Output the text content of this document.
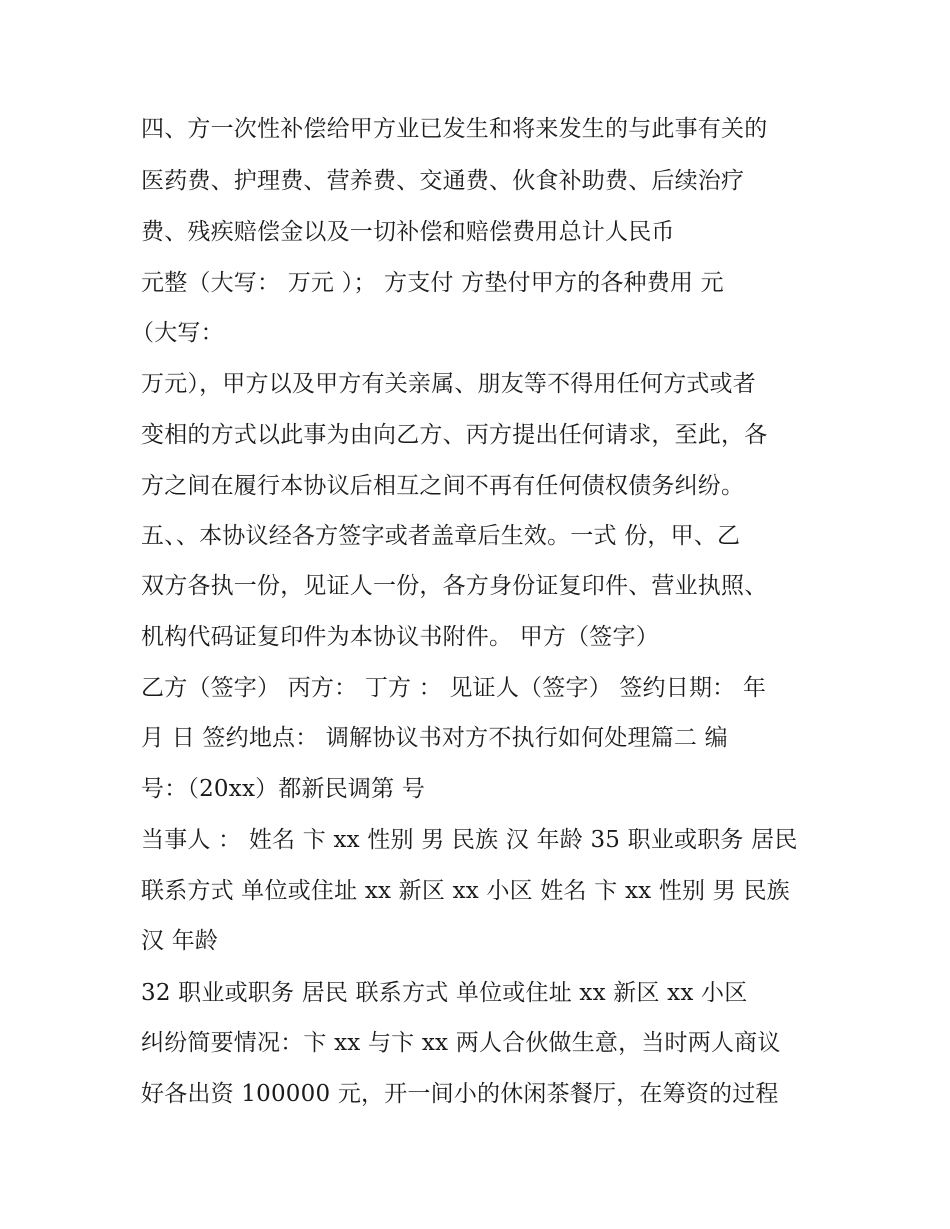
四、方一次性补偿给甲方业已发生和将来发生的与此事有关的
医药费、护理费、营养费、交通费、伙食补助费、后续治疗
费、残疾赔偿金以及一切补偿和赔偿费用总计人民币
元整（大写： 万元 ）； 方支付 方垫付甲方的各种费用 元
（大写：
万元），甲方以及甲方有关亲属、朋友等不得用任何方式或者
变相的方式以此事为由向乙方、丙方提出任何请求，至此，各
方之间在履行本协议后相互之间不再有任何债权债务纠纷。
五、、本协议经各方签字或者盖章后生效。一式 份，甲、乙
双方各执一份，见证人一份，各方身份证复印件、营业执照、
机构代码证复印件为本协议书附件。 甲方（签字）
乙方（签字） 丙方： 丁方 ： 见证人（签字） 签约日期： 年
月 日 签约地点： 调解协议书对方不执行如何处理篇二 编
号：（20xx）都新民调第 号
当事人 ： 姓名 卞 xx 性别 男 民族 汉 年龄 35 职业或职务 居民
联系方式 单位或住址 xx 新区 xx 小区 姓名 卞 xx 性别 男 民族
汉 年龄
32 职业或职务 居民 联系方式 单位或住址 xx 新区 xx 小区
纠纷简要情况：卞 xx 与卞 xx 两人合伙做生意，当时两人商议
好各出资 100000 元，开一间小的休闲茶餐厅，在筹资的过程
